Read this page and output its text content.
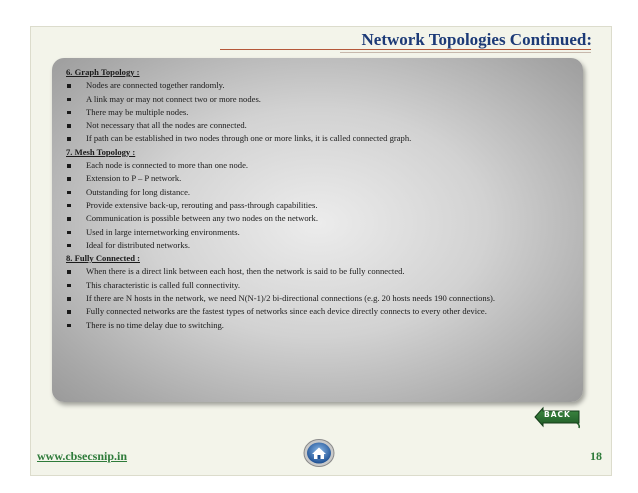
Network Topologies Continued:
6. Graph Topology :
Nodes are connected together randomly.
A link may or may not connect two or more nodes.
There may be multiple nodes.
Not necessary that all the nodes are connected.
If path can be established in two nodes through one or more links, it is called connected graph.
7. Mesh Topology :
Each node is connected to more than one node.
Extension to P – P network.
Outstanding for long distance.
Provide extensive back-up, rerouting and pass-through capabilities.
Communication is possible between any two nodes on the network.
Used in large internetworking environments.
Ideal for distributed networks.
8. Fully Connected :
When there is a direct link between each host, then the network is said to be fully connected.
This characteristic is called full connectivity.
If there are N hosts in the network, we need N(N-1)/2 bi-directional connections (e.g. 20 hosts needs 190 connections).
Fully connected networks are the fastest types of networks since each device directly connects to every other device.
There is no time delay due to switching.
BACK
www.cbsecsnip.in	18
